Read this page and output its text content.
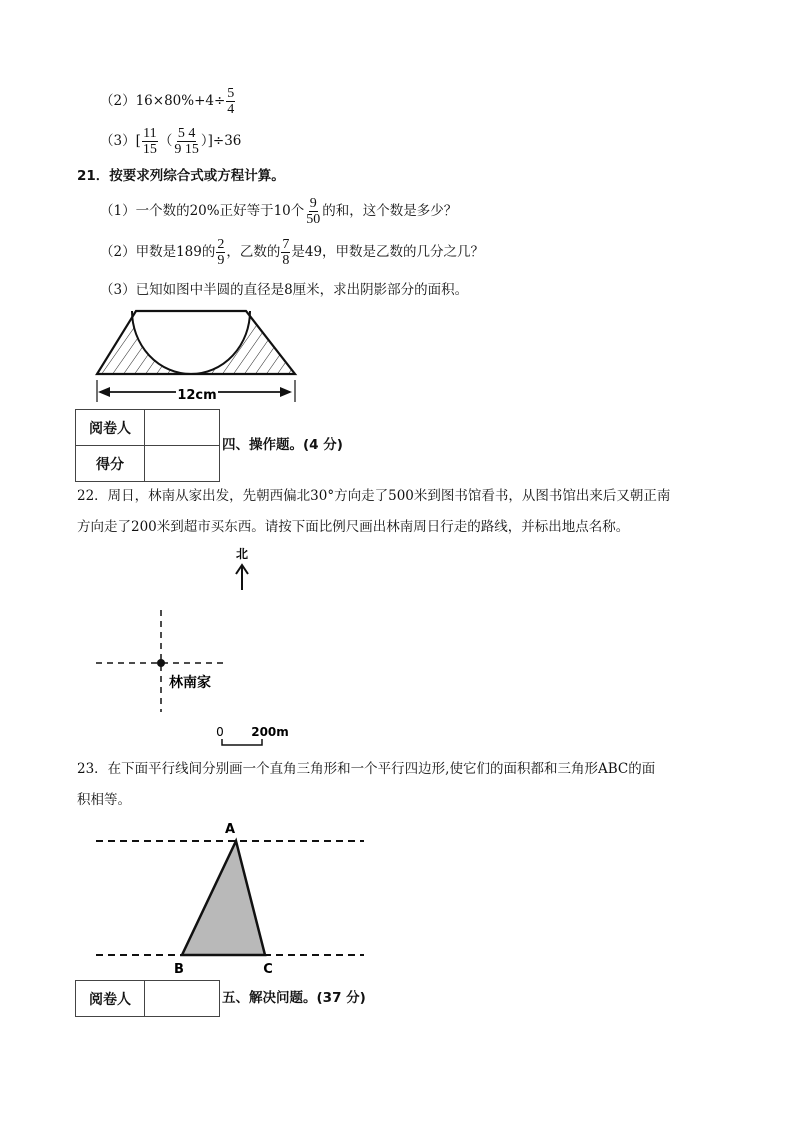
$(2)16\times 80\%+4\div \frac{5}{4}$
$(3)[ \frac{11}{15}$ （ $\frac{5 4}{9 15} )]\div 36$
21．按要求列综合式或方程计算。
（1）一个数的20%正好等于10个 $\frac{9}{50}$ 的和，这个数是多少？
（2）甲数是189的 $\frac{2}{9}$ ，乙数的 $\frac{7}{8}$ 是49，甲数是乙数的几分之几？
（3）已知如图中半圆的直径是8厘米，求出阴影部分的面积。
12cm
阅卷人	
得分	
四、操作题。(4 分)
22．周日，林南从家出发，先朝西偏北30°方向走了500米到图书馆看书，从图书馆出来后又朝正南
方向走了200米到超市买东西。请按下面比例尺画出林南周日行走的路线，并标出地点名称。
北
林南家
0 200m
23．在下面平行线间分别画一个直角三角形和一个平行四边形,使它们的面积都和三角形ABC的面
积相等。
A
B	C
阅卷人		五、解决问题。(37 分)
